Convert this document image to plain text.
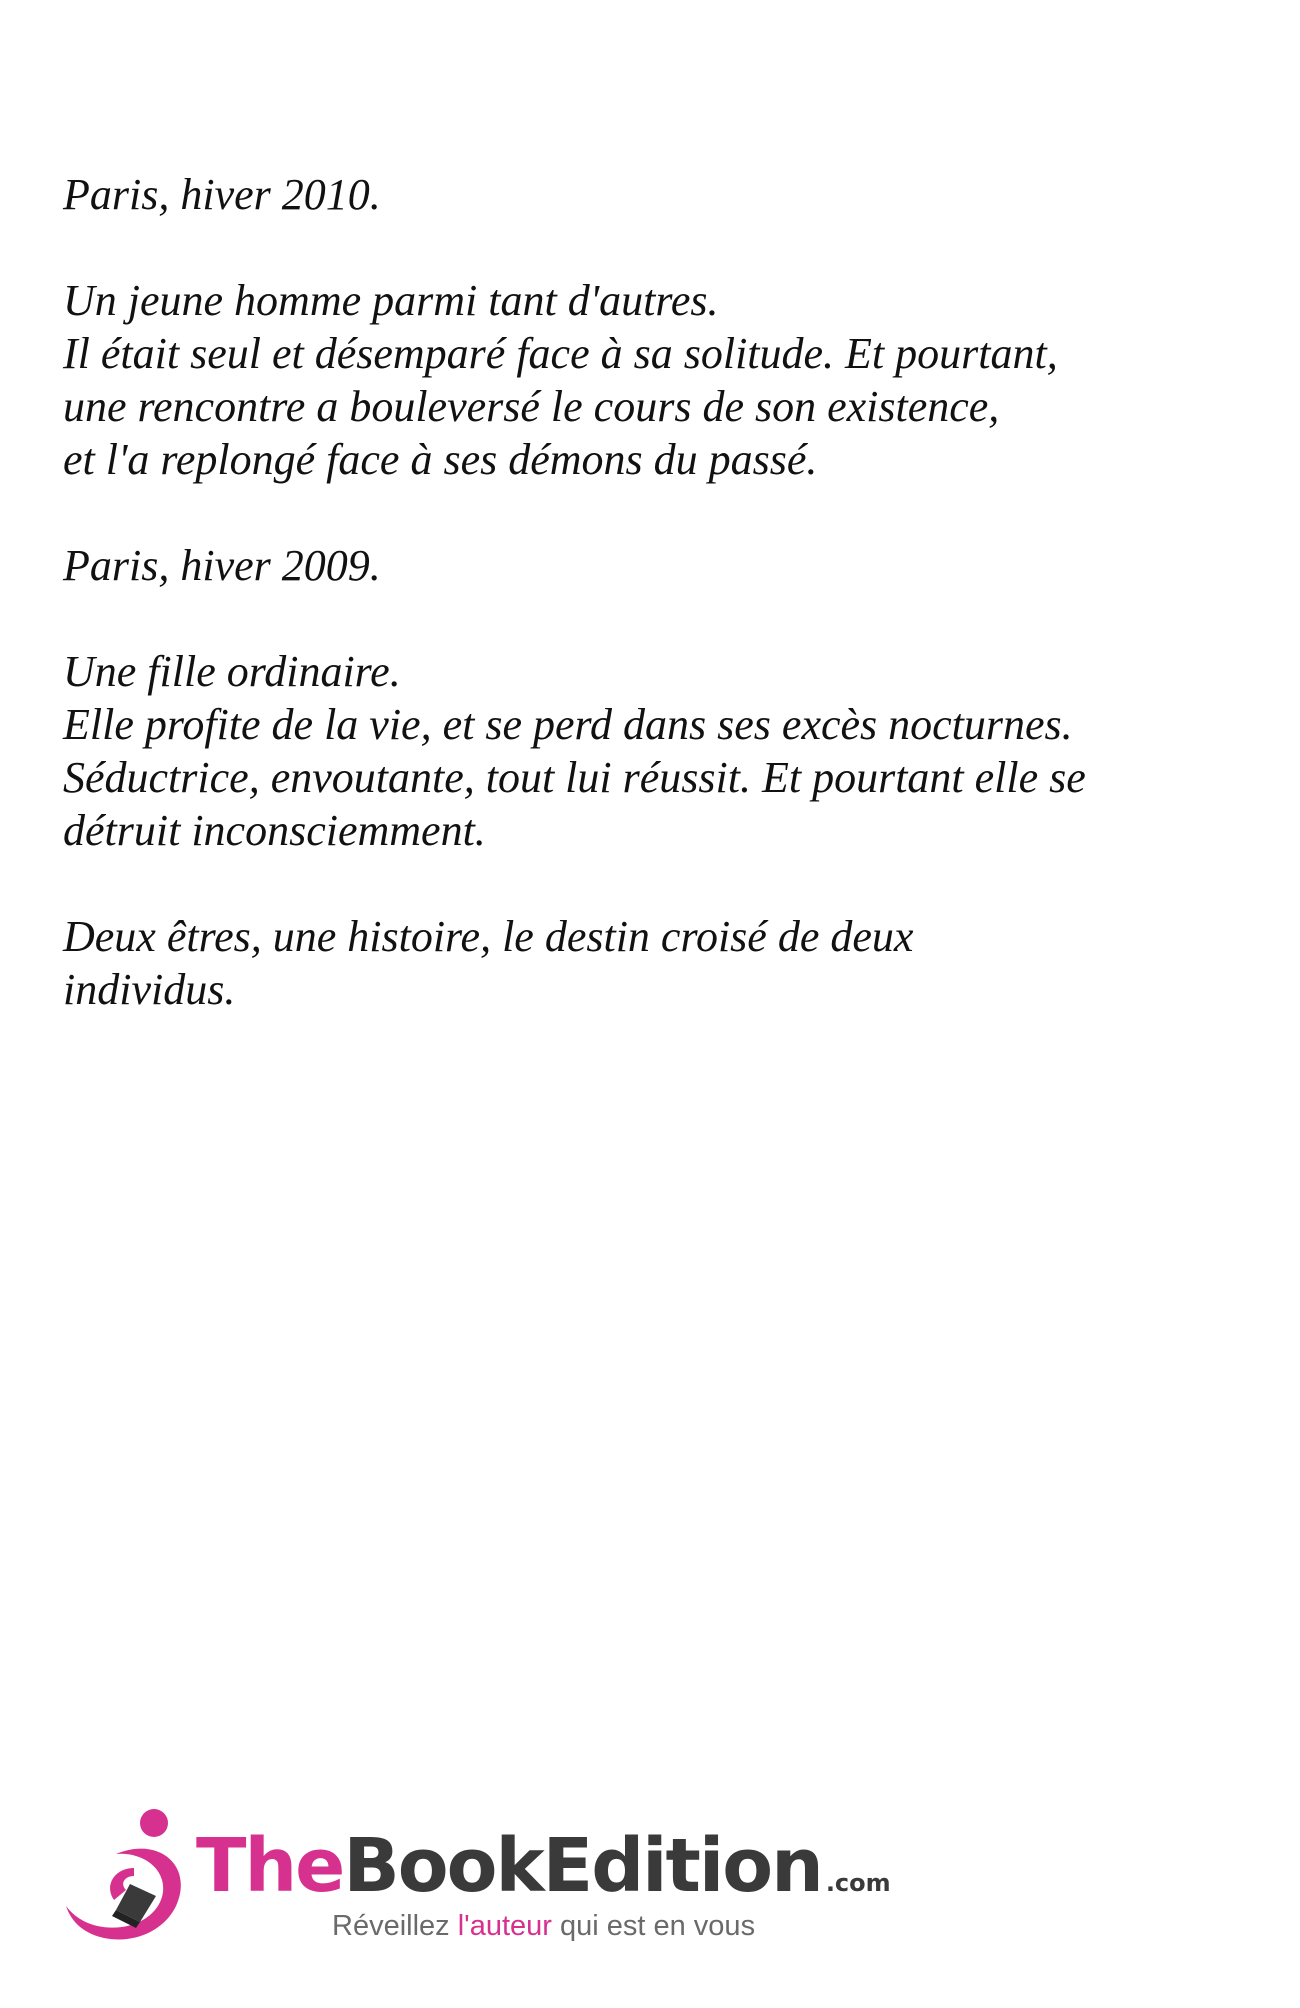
Paris, hiver 2010.

Un jeune homme parmi tant d'autres.
Il était seul et désemparé face à sa solitude. Et pourtant,
une rencontre a bouleversé le cours de son existence,
et l'a replongé face à ses démons du passé.

Paris, hiver 2009.

Une fille ordinaire.
Elle profite de la vie, et se perd dans ses excès nocturnes.
Séductrice, envoutante, tout lui réussit. Et pourtant elle se
détruit inconsciemment.

Deux êtres, une histoire, le destin croisé de deux
individus.

TheBookEdition .com
Réveillez l'auteur qui est en vous
